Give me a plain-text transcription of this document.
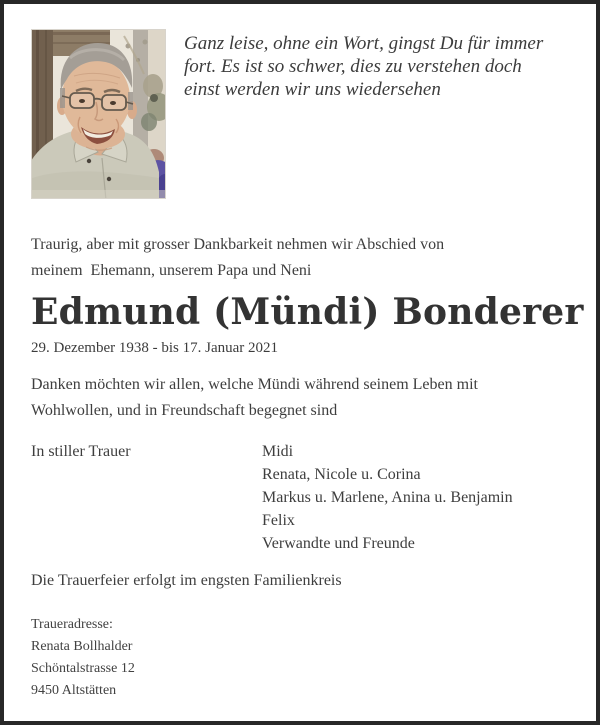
Ganz leise, ohne ein Wort, gingst Du für immer
fort. Es ist so schwer, dies zu verstehen doch
einst werden wir uns wiedersehen
Traurig, aber mit grosser Dankbarkeit nehmen wir Abschied von
meinem  Ehemann, unserem Papa und Neni
Edmund (Mündi) Bonderer
29. Dezember 1938 - bis 17. Januar 2021
Danken möchten wir allen, welche Mündi während seinem Leben mit
Wohlwollen, und in Freundschaft begegnet sind
In stiller Trauer	Midi
Renata, Nicole u. Corina
Markus u. Marlene, Anina u. Benjamin
Felix
Verwandte und Freunde
Die Trauerfeier erfolgt im engsten Familienkreis
Traueradresse:
Renata Bollhalder
Schöntalstrasse 12
9450 Altstätten
